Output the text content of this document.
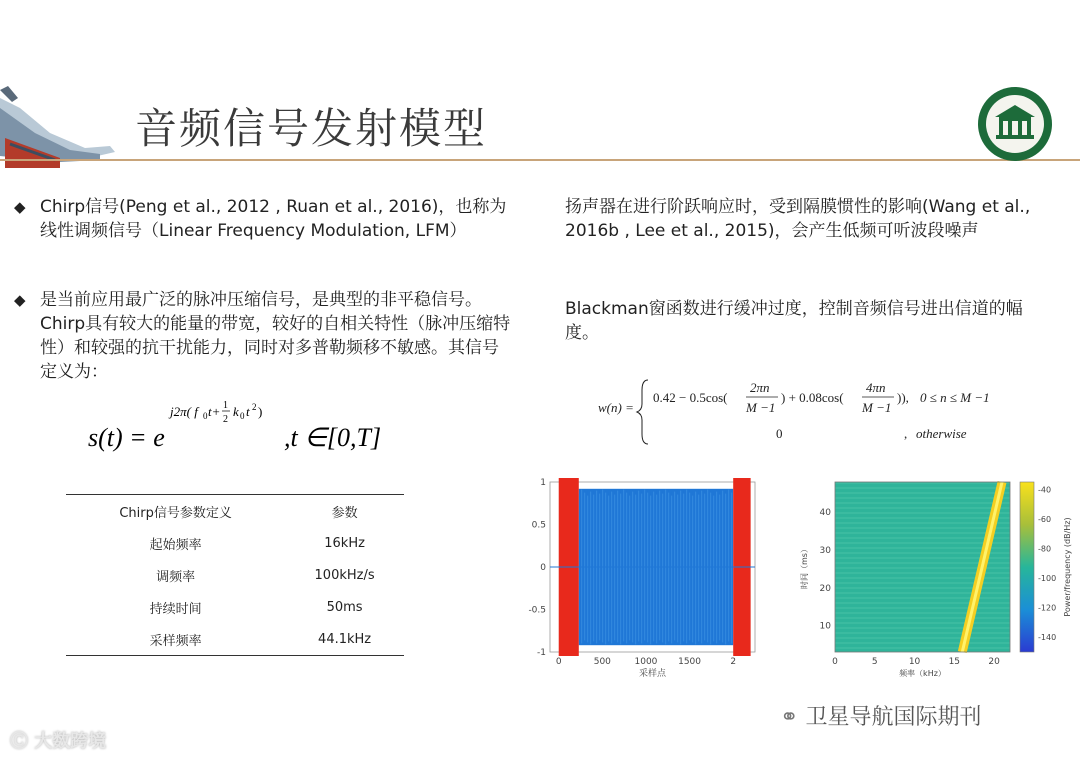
音频信号发射模型
◆ Chirp信号(Peng et al., 2012 , Ruan et al., 2016)，也称为线性调频信号（Linear Frequency Modulation, LFM）
◆ 是当前应用最广泛的脉冲压缩信号，是典型的非平稳信号。Chirp具有较大的能量的带宽，较好的自相关特性（脉冲压缩特性）和较强的抗干扰能力，同时对多普勒频移不敏感。其信号定义为：
s(t) = e
j2π( f 0 t+ 1
2
k 0 t 2 )
,t ∈[0,T]
Chirp信号参数定义	参数
起始频率	16kHz
调频率	100kHz/s
持续时间	50ms
采样频率	44.1kHz
扬声器在进行阶跃响应时，受到隔膜惯性的影响(Wang et al., 2016b , Lee et al., 2015)，会产生低频可听波段噪声
Blackman窗函数进行缓冲过度，控制音频信号进出信道的幅度。
w(n) =
0.42 − 0.5cos(
2πn
M −1
) + 0.08cos(
4πn
M −1
)), 0 ≤ n ≤ M −1
0	, otherwise
0	500	1000 1500	2
-1
-0.5
0
0.5
1
采样点
0	5	10	15	20
10
20
30
40
频率（kHz）
时间（ms）
-40
-60
-80
-100
-120
-140
Power/frequency (dB/Hz)
Ⓒ 大数跨境
⚭ 卫星导航国际期刊
